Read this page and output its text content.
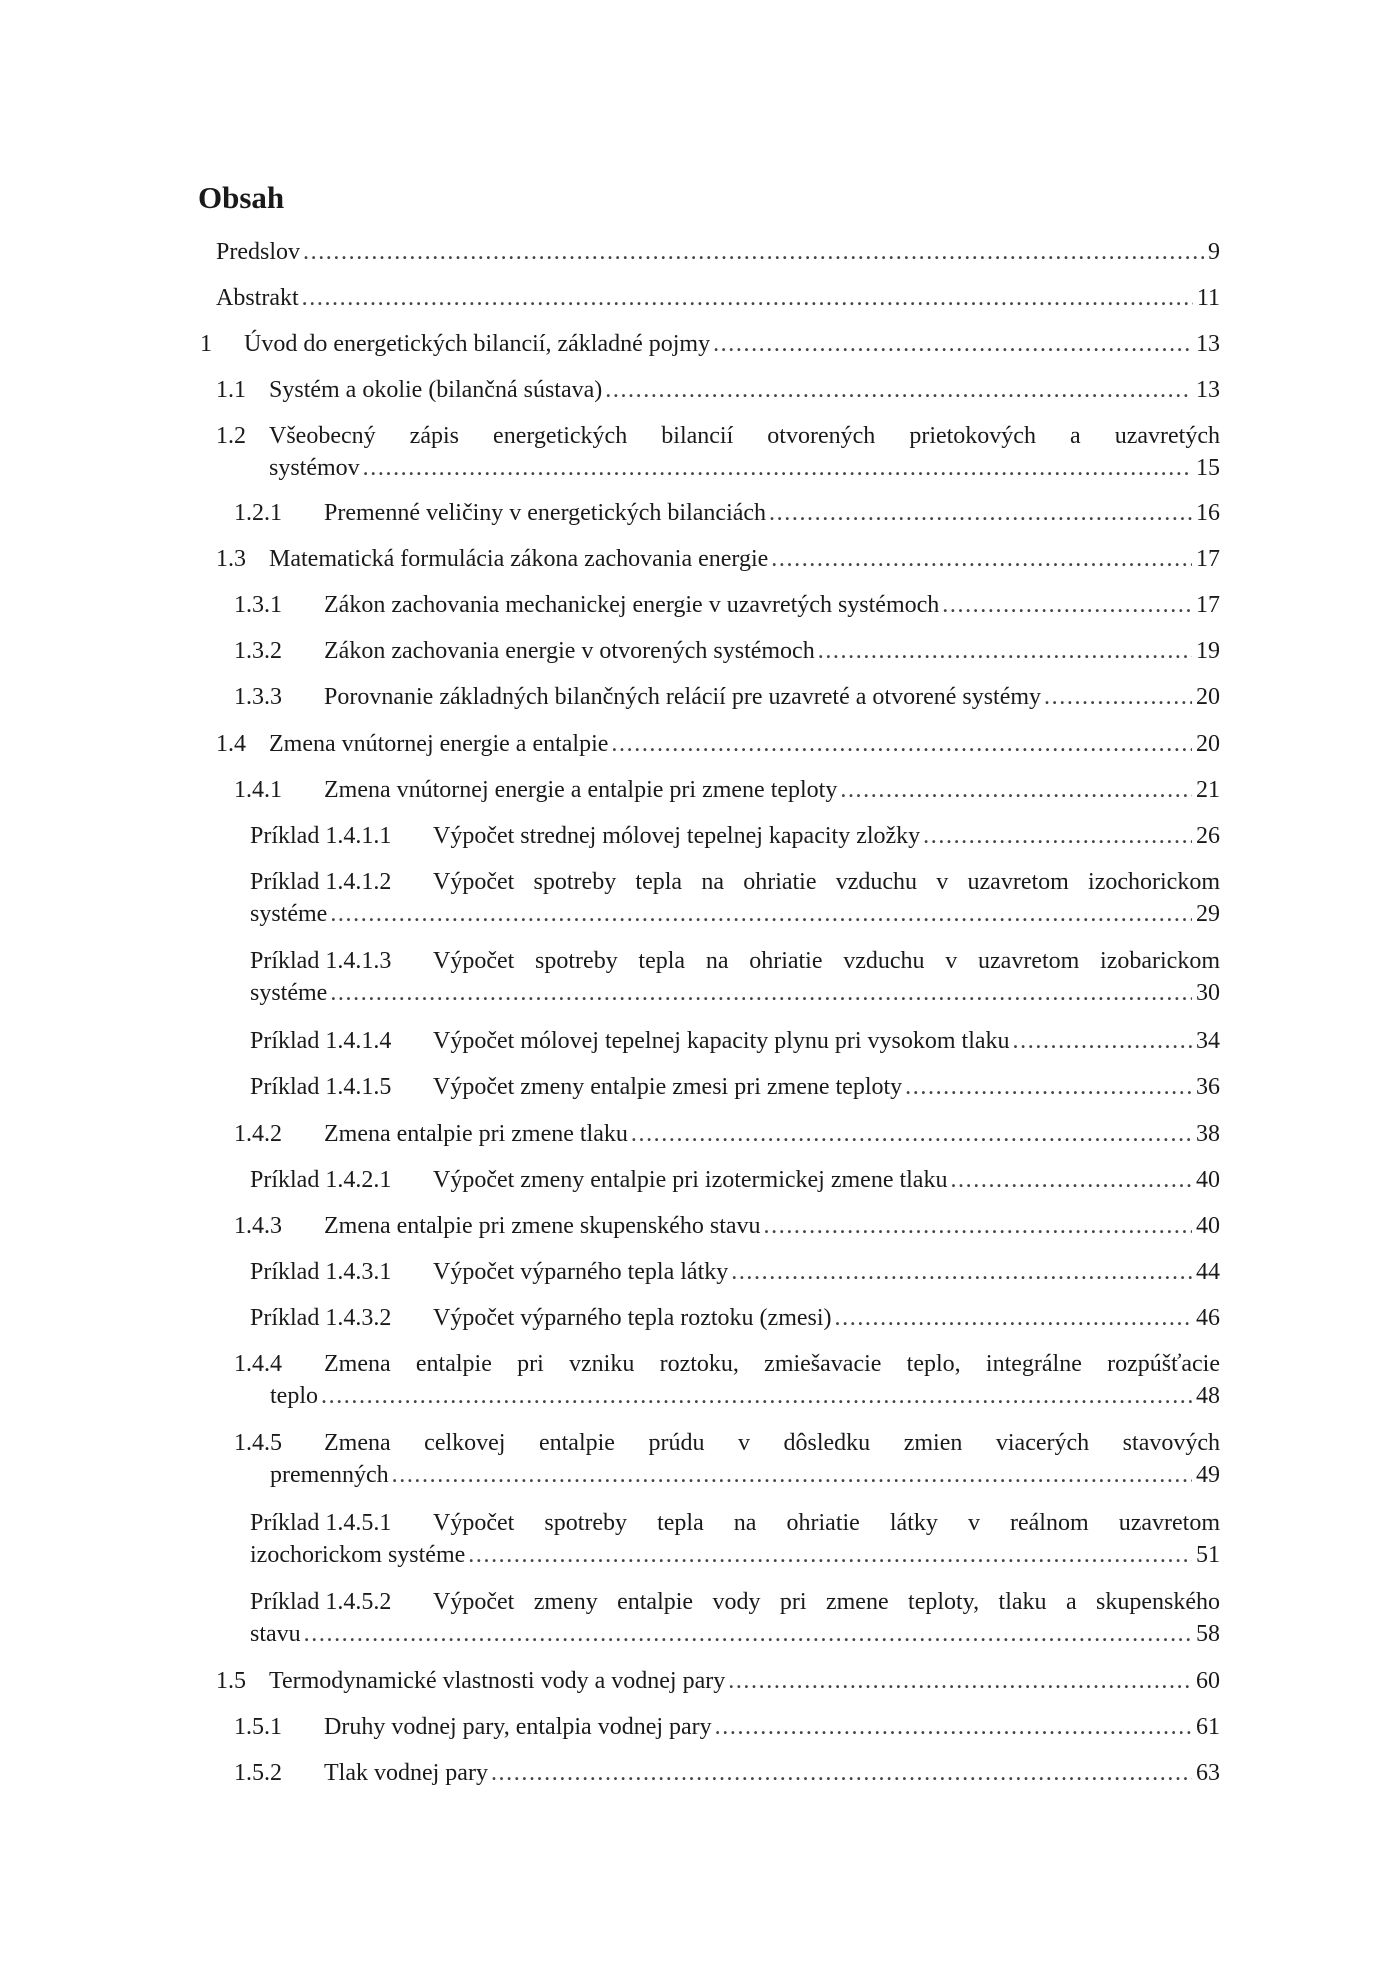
Obsah
Predslov . . .	9
Abstrakt . . .	11
1	Úvod do energetických bilancií, základné pojmy . . .	13
1.1 Systém a okolie (bilančná sústava) . . .	13
1.2 Všeobecný zápis energetických bilancií otvorených prietokových a uzavretých
systémov . . .	15
1.2.1	Premenné veličiny v energetických bilanciách . . .	16
1.3 Matematická formulácia zákona zachovania energie . . .	17
1.3.1	Zákon zachovania mechanickej energie v uzavretých systémoch . . .	17
1.3.2	Zákon zachovania energie v otvorených systémoch . . .	19
1.3.3	Porovnanie základných bilančných relácií pre uzavreté a otvorené systémy . . .	20
1.4 Zmena vnútornej energie a entalpie . . .	20
1.4.1	Zmena vnútornej energie a entalpie pri zmene teploty . . .	21
Príklad 1.4.1.1	Výpočet strednej mólovej tepelnej kapacity zložky . . .	26
Príklad 1.4.1.2	Výpočet spotreby tepla na ohriatie vzduchu v uzavretom izochorickom
systéme . . .	29
Príklad 1.4.1.3	Výpočet spotreby tepla na ohriatie vzduchu v uzavretom izobarickom
systéme . . .	30
Príklad 1.4.1.4	Výpočet mólovej tepelnej kapacity plynu pri vysokom tlaku . . .	34
Príklad 1.4.1.5	Výpočet zmeny entalpie zmesi pri zmene teploty . . .	36
1.4.2	Zmena entalpie pri zmene tlaku . . .	38
Príklad 1.4.2.1	Výpočet zmeny entalpie pri izotermickej zmene tlaku . . .	40
1.4.3	Zmena entalpie pri zmene skupenského stavu . . .	40
Príklad 1.4.3.1	Výpočet výparného tepla látky . . .	44
Príklad 1.4.3.2	Výpočet výparného tepla roztoku (zmesi) . . .	46
1.4.4	Zmena entalpie pri vzniku roztoku, zmiešavacie teplo, integrálne rozpúšťacie
teplo . . .	48
1.4.5	Zmena celkovej entalpie prúdu v dôsledku zmien viacerých stavových
premenných . . .	49
Príklad 1.4.5.1	Výpočet spotreby tepla na ohriatie látky v reálnom uzavretom
izochorickom systéme . . .	51
Príklad 1.4.5.2	Výpočet zmeny entalpie vody pri zmene teploty, tlaku a skupenského
stavu . . .	58
1.5 Termodynamické vlastnosti vody a vodnej pary . . .	60
1.5.1	Druhy vodnej pary, entalpia vodnej pary . . .	61
1.5.2	Tlak vodnej pary . . .	63
